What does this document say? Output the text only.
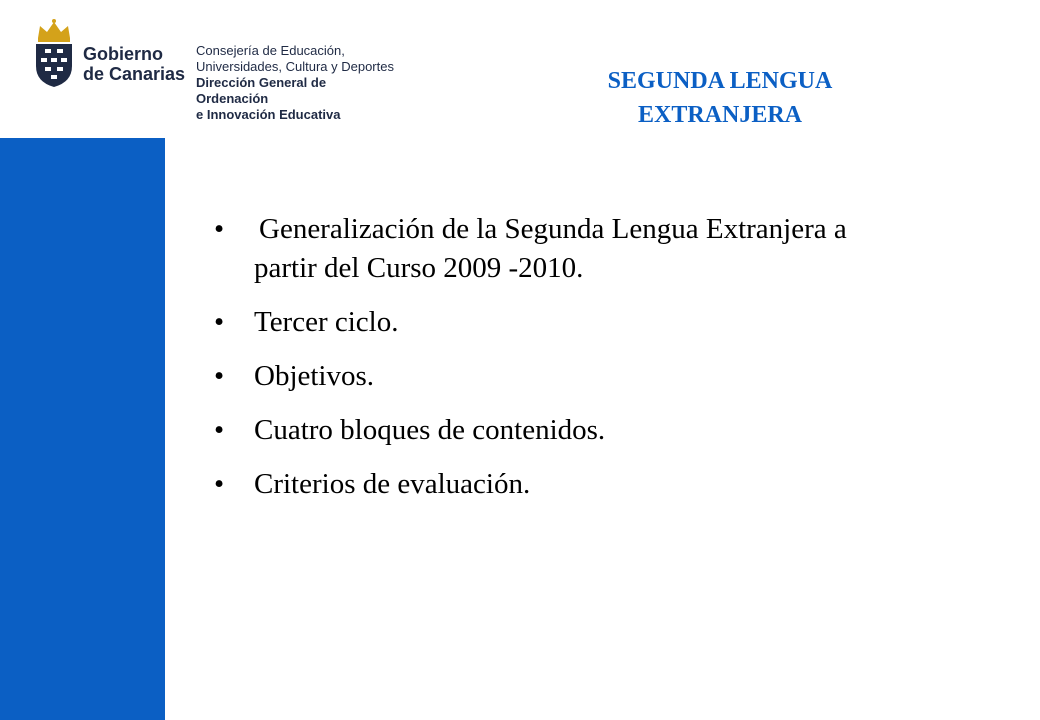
Gobierno
de Canarias
Consejería de Educación,
Universidades, Cultura y Deportes
Dirección General de Ordenación
e Innovación Educativa
SEGUNDA LENGUA
EXTRANJERA
• Generalización de la Segunda Lengua Extranjera a partir del Curso 2009 -2010.
• Tercer ciclo.
• Objetivos.
• Cuatro bloques de contenidos.
• Criterios de evaluación.
